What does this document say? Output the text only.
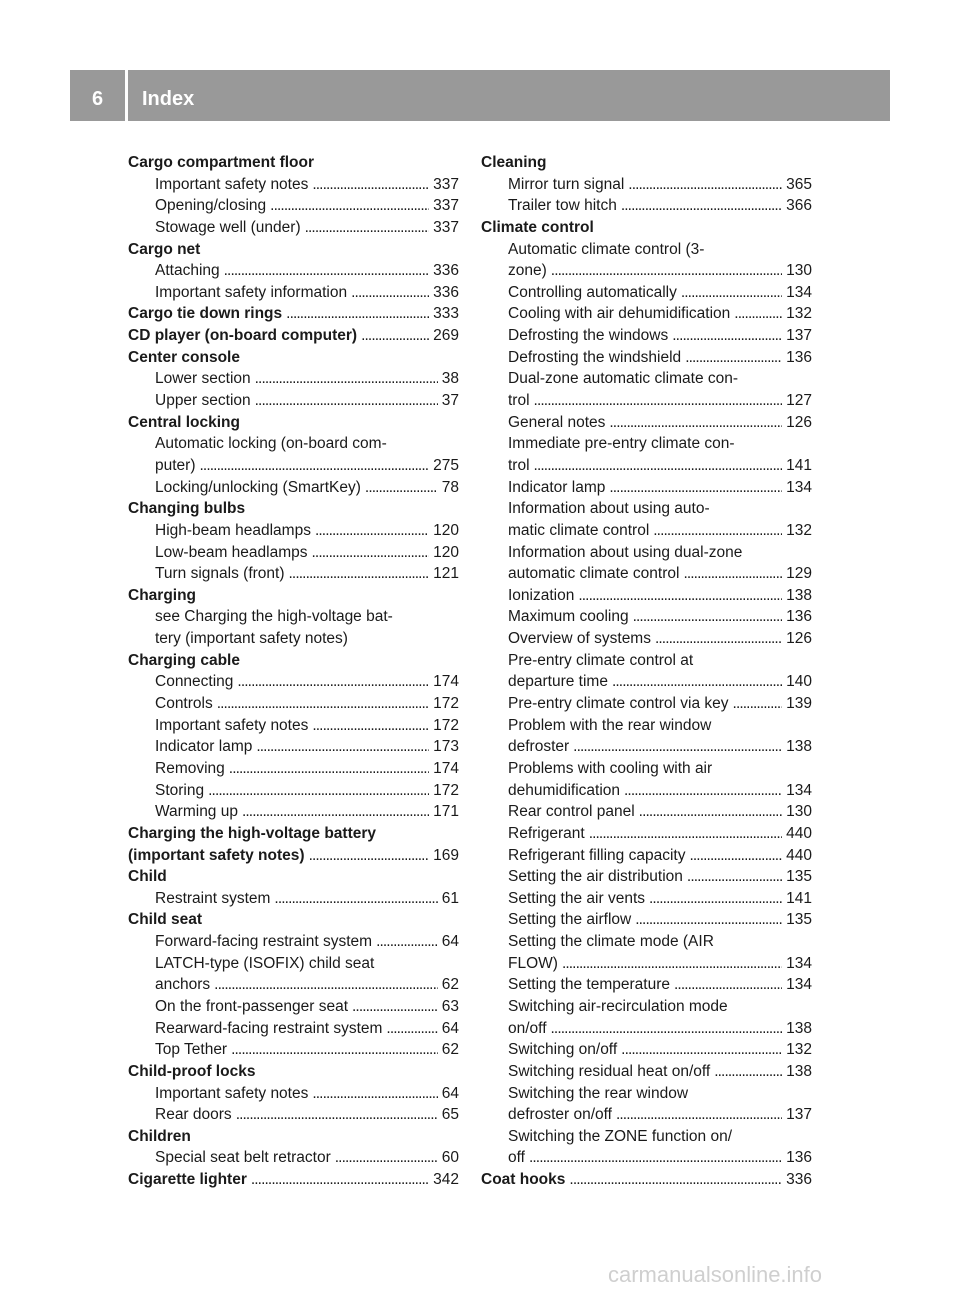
6	Index
Cargo compartment floor
Important safety notes . . .	337
Opening/closing . . .	337
Stowage well (under) . . .	337
Cargo net
Attaching . . .	336
Important safety information . . .	336
Cargo tie down rings . . .	333
CD player (on-board computer) . . .	269
Center console
Lower section . . .	38
Upper section . . .	37
Central locking
Automatic locking (on-board com-
puter) . . .	275
Locking/unlocking (SmartKey) . . .	78
Changing bulbs
High-beam headlamps . . .	120
Low-beam headlamps . . .	120
Turn signals (front) . . .	121
Charging
see Charging the high-voltage bat-
tery (important safety notes)
Charging cable
Connecting . . .	174
Controls . . .	172
Important safety notes . . .	172
Indicator lamp . . .	173
Removing . . .	174
Storing . . .	172
Warming up . . .	171
Charging the high-voltage battery
(important safety notes) . . .	169
Child
Restraint system . . .	61
Child seat
Forward-facing restraint system . . .	64
LATCH-type (ISOFIX) child seat
anchors . . .	62
On the front-passenger seat . . .	63
Rearward-facing restraint system . . .	64
Top Tether . . .	62
Child-proof locks
Important safety notes . . .	64
Rear doors . . .	65
Children
Special seat belt retractor . . .	60
Cigarette lighter . . .	342
Cleaning
Mirror turn signal . . .	365
Trailer tow hitch . . .	366
Climate control
Automatic climate control (3-
zone) . . .	130
Controlling automatically . . .	134
Cooling with air dehumidification . . .	132
Defrosting the windows . . .	137
Defrosting the windshield . . .	136
Dual-zone automatic climate con-
trol . . .	127
General notes . . .	126
Immediate pre-entry climate con-
trol . . .	141
Indicator lamp . . .	134
Information about using auto-
matic climate control . . .	132
Information about using dual-zone
automatic climate control . . .	129
Ionization . . .	138
Maximum cooling . . .	136
Overview of systems . . .	126
Pre-entry climate control at
departure time . . .	140
Pre-entry climate control via key . . .	139
Problem with the rear window
defroster . . .	138
Problems with cooling with air
dehumidification . . .	134
Rear control panel . . .	130
Refrigerant . . .	440
Refrigerant filling capacity . . .	440
Setting the air distribution . . .	135
Setting the air vents . . .	141
Setting the airflow . . .	135
Setting the climate mode (AIR
FLOW) . . .	134
Setting the temperature . . .	134
Switching air-recirculation mode
on/off . . .	138
Switching on/off . . .	132
Switching residual heat on/off . . .	138
Switching the rear window
defroster on/off . . .	137
Switching the ZONE function on/
off . . .	136
Coat hooks . . .	336
carmanualsonline.info
